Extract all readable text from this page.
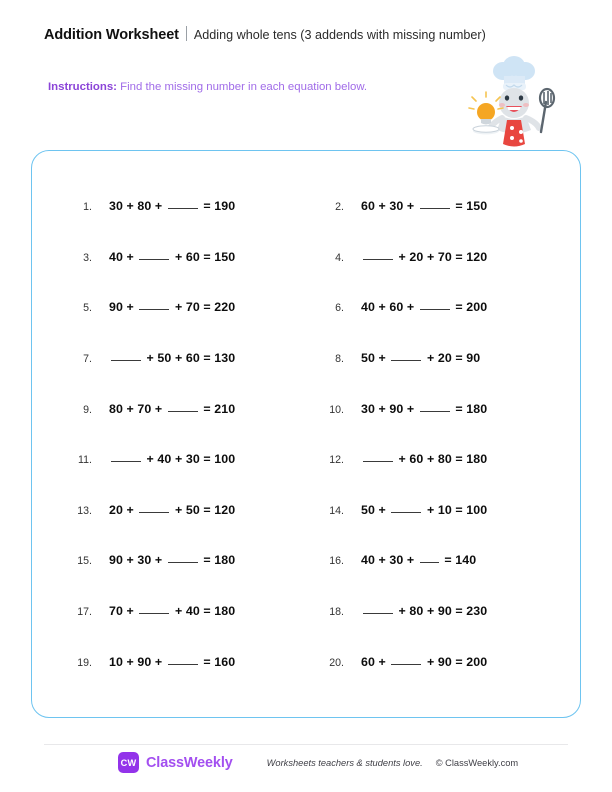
Addition Worksheet Adding whole tens (3 addends with missing number)
Instructions: Find the missing number in each equation below.
1. 30 + 80 +	= 190	2. 60 + 30 +	= 150
3. 40 +	+ 60 = 150	4.	+ 20 + 70 = 120
5. 90 +	+ 70 = 220	6. 40 + 60 +	= 200
7.	+ 50 + 60 = 130	8. 50 +	+ 20 = 90
9. 80 + 70 +	= 210	10. 30 + 90 +	= 180
11.	+ 40 + 30 = 100	12.	+ 60 + 80 = 180
13. 20 +	+ 50 = 120	14. 50 +	+ 10 = 100
15. 90 + 30 +	= 180	16. 40 + 30 +  = 140
17. 70 +	+ 40 = 180	18.	+ 80 + 90 = 230
19. 10 + 90 +	= 160	20. 60 +	+ 90 = 200
CW ClassWeekly	Worksheets teachers & students love. © ClassWeekly.com
